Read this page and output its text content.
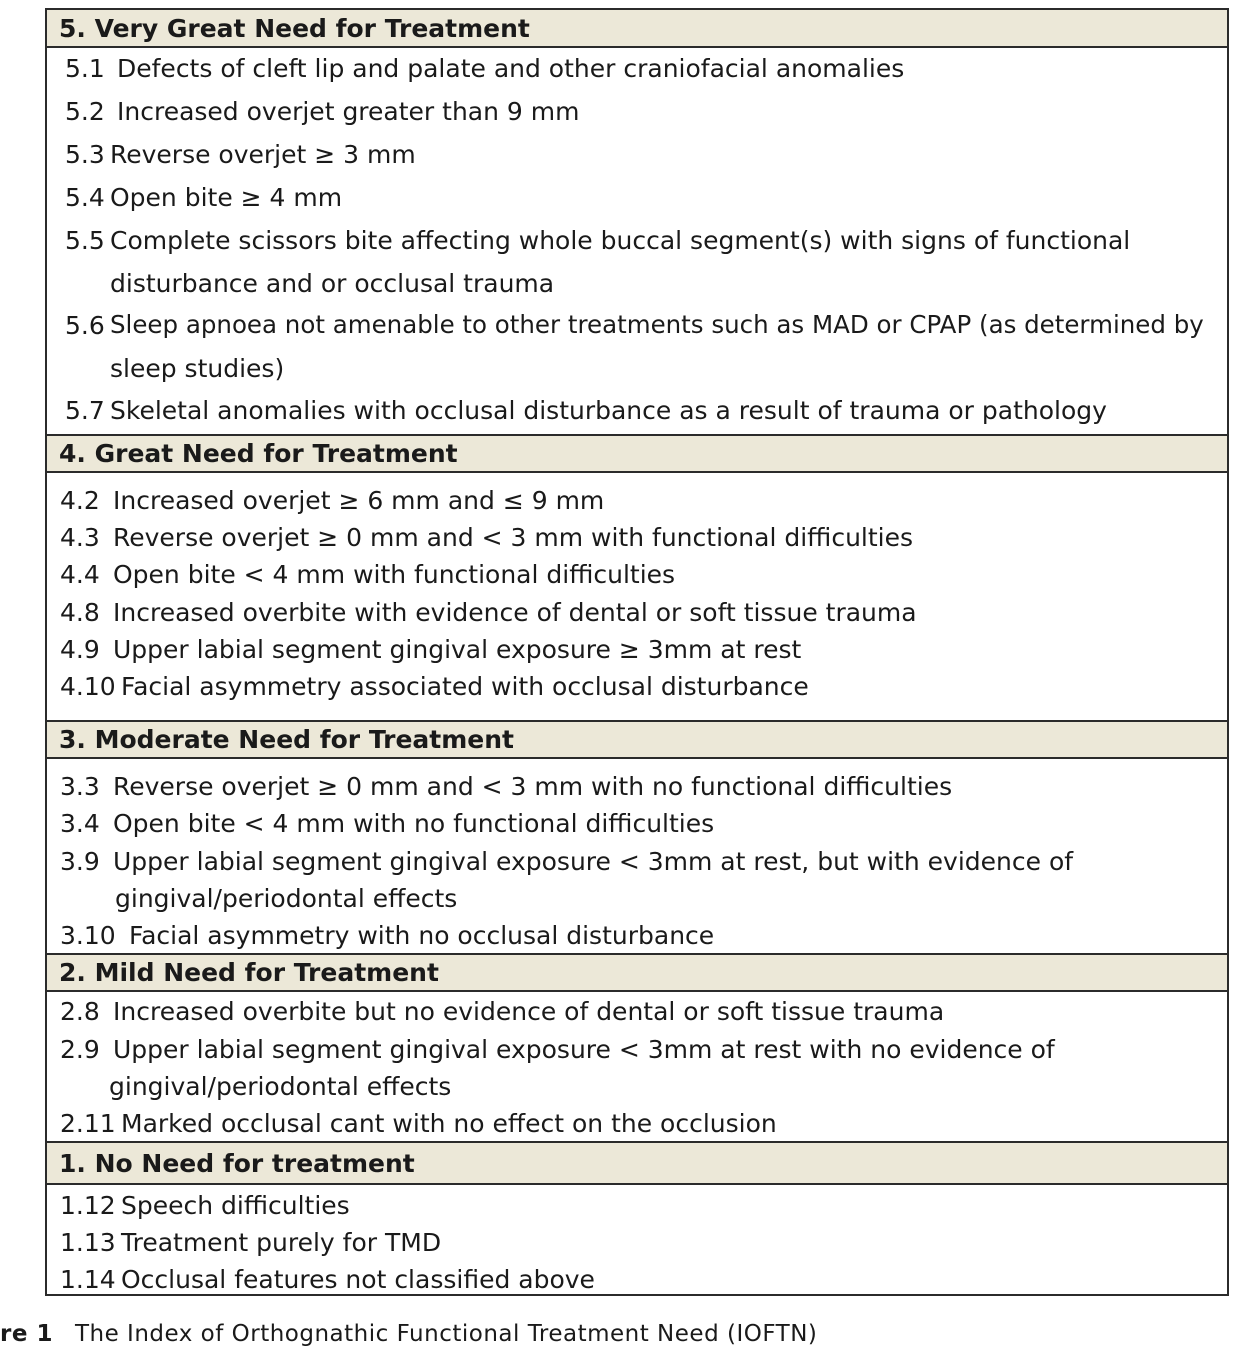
5. Very Great Need for Treatment
5.1 Defects of cleft lip and palate and other craniofacial anomalies
5.2 Increased overjet greater than 9 mm
5.3 Reverse overjet ≥ 3 mm
5.4 Open bite ≥ 4 mm
5.5 Complete scissors bite affecting whole buccal segment(s) with signs of functional
disturbance and or occlusal trauma
5.6 Sleep apnoea not amenable to other treatments such as MAD or CPAP (as determined by
sleep studies)
5.7 Skeletal anomalies with occlusal disturbance as a result of trauma or pathology
4. Great Need for Treatment
4.2 Increased overjet ≥ 6 mm and ≤ 9 mm
4.3 Reverse overjet ≥ 0 mm and < 3 mm with functional difficulties
4.4 Open bite < 4 mm with functional difficulties
4.8 Increased overbite with evidence of dental or soft tissue trauma
4.9 Upper labial segment gingival exposure ≥ 3mm at rest
4.10 Facial asymmetry associated with occlusal disturbance
3. Moderate Need for Treatment
3.3 Reverse overjet ≥ 0 mm and < 3 mm with no functional difficulties
3.4 Open bite < 4 mm with no functional difficulties
3.9 Upper labial segment gingival exposure < 3mm at rest, but with evidence of
gingival/periodontal effects
3.10 Facial asymmetry with no occlusal disturbance
2. Mild Need for Treatment
2.8 Increased overbite but no evidence of dental or soft tissue trauma
2.9 Upper labial segment gingival exposure < 3mm at rest with no evidence of
gingival/periodontal effects
2.11 Marked occlusal cant with no effect on the occlusion
1. No Need for treatment
1.12 Speech difficulties
1.13 Treatment purely for TMD
1.14 Occlusal features not classified above
re 1 The Index of Orthognathic Functional Treatment Need (IOFTN)
